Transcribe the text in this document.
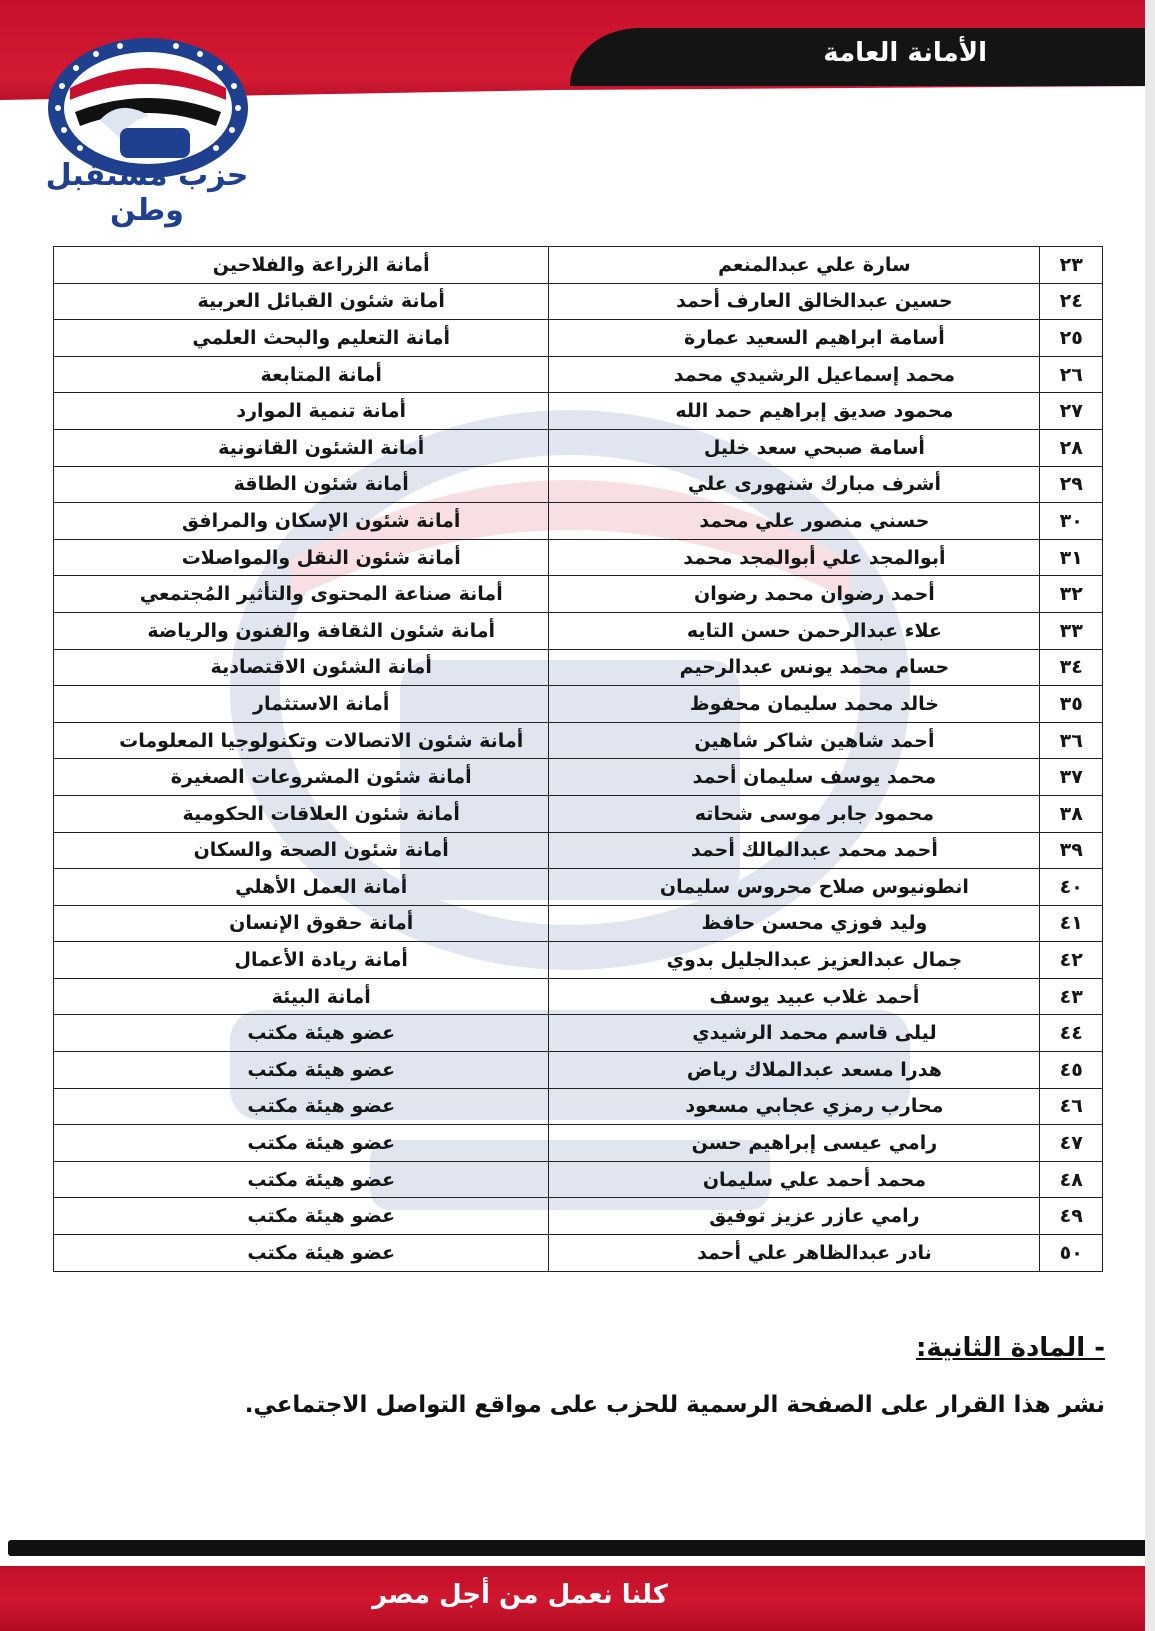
الأمانة العامة
حزب مستقبل وطن
٢٣	سارة علي عبدالمنعم	أمانة الزراعة والفلاحين
٢٤	حسين عبدالخالق العارف أحمد	أمانة شئون القبائل العربية
٢٥	أسامة ابراهيم السعيد عمارة	أمانة التعليم والبحث العلمي
٢٦	محمد إسماعيل الرشيدي محمد	أمانة المتابعة
٢٧	محمود صديق إبراهيم حمد الله	أمانة تنمية الموارد
٢٨	أسامة صبحي سعد خليل	أمانة الشئون القانونية
٢٩	أشرف مبارك شنهورى علي	أمانة شئون الطاقة
٣٠	حسني منصور علي محمد	أمانة شئون الإسكان والمرافق
٣١	أبوالمجد علي أبوالمجد محمد	أمانة شئون النقل والمواصلات
٣٢	أحمد رضوان محمد رضوان	أمانة صناعة المحتوى والتأثير المُجتمعي
٣٣	علاء عبدالرحمن حسن التايه	أمانة شئون الثقافة والفنون والرياضة
٣٤	حسام محمد يونس عبدالرحيم	أمانة الشئون الاقتصادية
٣٥	خالد محمد سليمان محفوظ	أمانة الاستثمار
٣٦	أحمد شاهين شاكر شاهين	أمانة شئون الاتصالات وتكنولوجيا المعلومات
٣٧	محمد يوسف سليمان أحمد	أمانة شئون المشروعات الصغيرة
٣٨	محمود جابر موسى شحاته	أمانة شئون العلاقات الحكومية
٣٩	أحمد محمد عبدالمالك أحمد	أمانة شئون الصحة والسكان
٤٠	انطونيوس صلاح محروس سليمان	أمانة العمل الأهلي
٤١	وليد فوزي محسن حافظ	أمانة حقوق الإنسان
٤٢	جمال عبدالعزيز عبدالجليل بدوي	أمانة ريادة الأعمال
٤٣	أحمد غلاب عبيد يوسف	أمانة البيئة
٤٤	ليلى قاسم محمد الرشيدي	عضو هيئة مكتب
٤٥	هدرا مسعد عبدالملاك رياض	عضو هيئة مكتب
٤٦	محارب رمزي عجابي مسعود	عضو هيئة مكتب
٤٧	رامي عيسى إبراهيم حسن	عضو هيئة مكتب
٤٨	محمد أحمد علي سليمان	عضو هيئة مكتب
٤٩	رامي عازر عزيز توفيق	عضو هيئة مكتب
٥٠	نادر عبدالظاهر علي أحمد	عضو هيئة مكتب
- المادة الثانية:
نشر هذا القرار على الصفحة الرسمية للحزب على مواقع التواصل الاجتماعي.
كلنا نعمل من أجل مصر
